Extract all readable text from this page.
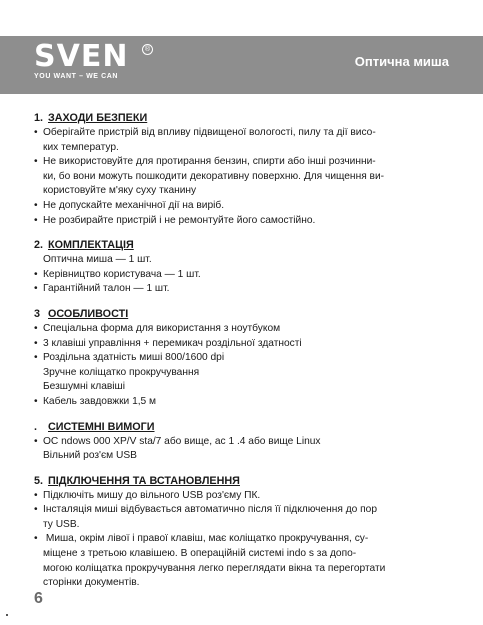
SVEN	®
YOU WANT – WE CAN
Оптична миша
1. ЗАХОДИ БЕЗПЕКИ
• Оберігайте пристрій від впливу підвищеної вологості, пилу та дії висо-
ких температур.
• Не використовуйте для протирання бензин, спирти або інші розчинни-
ки, бо вони можуть пошкодити декоративну поверхню. Для чищення ви-
користовуйте м'яку суху тканину
• Не допускайте механічної дії на виріб.
• Не розбирайте пристрій і не ремонтуйте його самостійно.
2. КОМПЛЕКТАЦІЯ
Оптична миша — 1 шт.
• Керівництво користувача — 1 шт.
• Гарантійний талон — 1 шт.
3 ОСОБЛИВОСТІ
• Спеціальна форма для використання з ноутбуком
• 3 клавіші управління + перемикач роздільної здатності
• Роздільна здатність миші 800/1600 dpi
Зручне коліщатко прокручування
Безшумні клавіші
• Кабель завдовжки 1,5 м
. СИСТЕМНІ ВИМОГИ
• ОС ndows 000 XP/V sta/7 або вище, ас 1 .4 або вище Linux
Вільний роз'єм USB
5. ПІДКЛЮЧЕННЯ ТА ВСТАНОВЛЕННЯ
• Підключіть мишу до вільного USB роз'єму ПК.
• Інсталяція миші відбувається автоматично після її підключення до пор
ту USB.
• Миша, окрім лівої і правої клавіш, має коліщатко прокручування, су-
міщене з третьою клавішею. В операційній системі indo s за допо-
могою коліщатка прокручування легко переглядати вікна та перегортати
сторінки документів.
6
